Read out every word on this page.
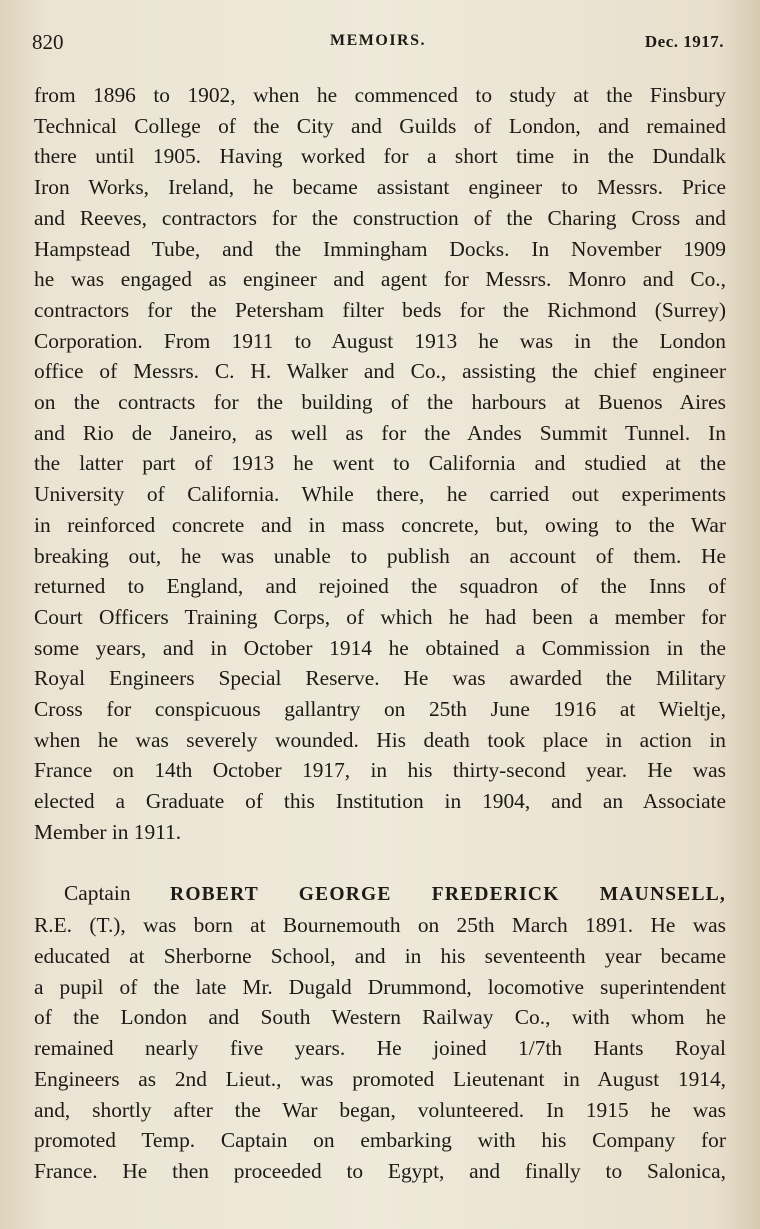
820	MEMOIRS.	Dec. 1917.
from 1896 to 1902, when he commenced to study at the Finsbury
Technical College of the City and Guilds of London, and remained
there until 1905. Having worked for a short time in the Dundalk
Iron Works, Ireland, he became assistant engineer to Messrs. Price
and Reeves, contractors for the construction of the Charing Cross and
Hampstead Tube, and the Immingham Docks. In November 1909
he was engaged as engineer and agent for Messrs. Monro and Co.,
contractors for the Petersham filter beds for the Richmond (Surrey)
Corporation. From 1911 to August 1913 he was in the London
office of Messrs. C. H. Walker and Co., assisting the chief engineer
on the contracts for the building of the harbours at Buenos Aires
and Rio de Janeiro, as well as for the Andes Summit Tunnel. In
the latter part of 1913 he went to California and studied at the
University of California. While there, he carried out experiments
in reinforced concrete and in mass concrete, but, owing to the War
breaking out, he was unable to publish an account of them. He
returned to England, and rejoined the squadron of the Inns of
Court Officers Training Corps, of which he had been a member for
some years, and in October 1914 he obtained a Commission in the
Royal Engineers Special Reserve. He was awarded the Military
Cross for conspicuous gallantry on 25th June 1916 at Wieltje,
when he was severely wounded. His death took place in action in
France on 14th October 1917, in his thirty-second year. He was
elected a Graduate of this Institution in 1904, and an Associate
Member in 1911.
Captain ROBERT GEORGE FREDERICK MAUNSELL,
R.E. (T.), was born at Bournemouth on 25th March 1891. He was
educated at Sherborne School, and in his seventeenth year became
a pupil of the late Mr. Dugald Drummond, locomotive superintendent
of the London and South Western Railway Co., with whom he
remained nearly five years. He joined 1/7th Hants Royal
Engineers as 2nd Lieut., was promoted Lieutenant in August 1914,
and, shortly after the War began, volunteered. In 1915 he was
promoted Temp. Captain on embarking with his Company for
France. He then proceeded to Egypt, and finally to Salonica,
